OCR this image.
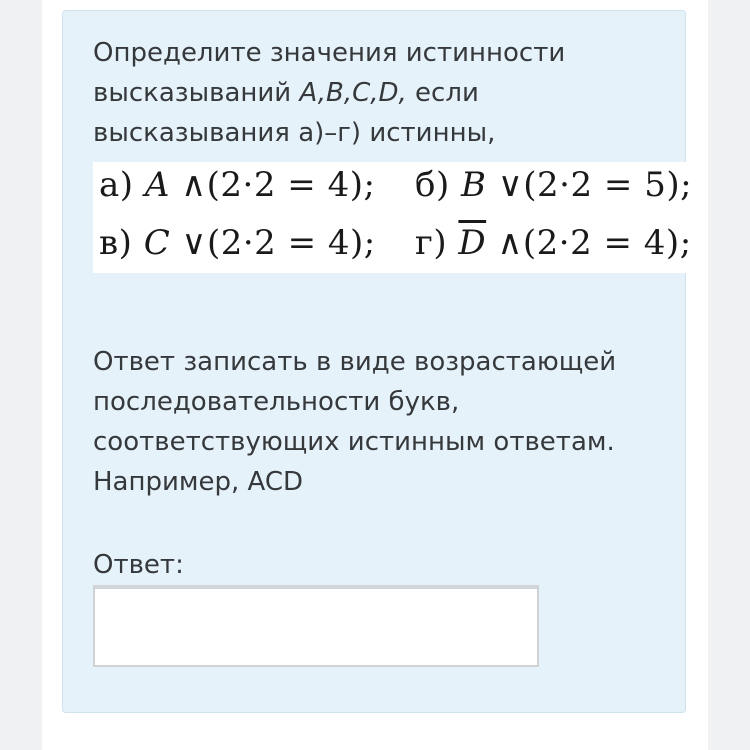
Определите значения истинности
высказываний A,B,C,D, если
высказывания а)–г) истинны,
а) A ∧(2·2 = 4); б) B ∨(2·2 = 5);
в) C ∨(2·2 = 4); г) $\overline{D}$ ∧(2·2 = 4);
Ответ записать в виде возрастающей
последовательности букв,
соответствующих истинным ответам.
Например, ACD
Ответ:
